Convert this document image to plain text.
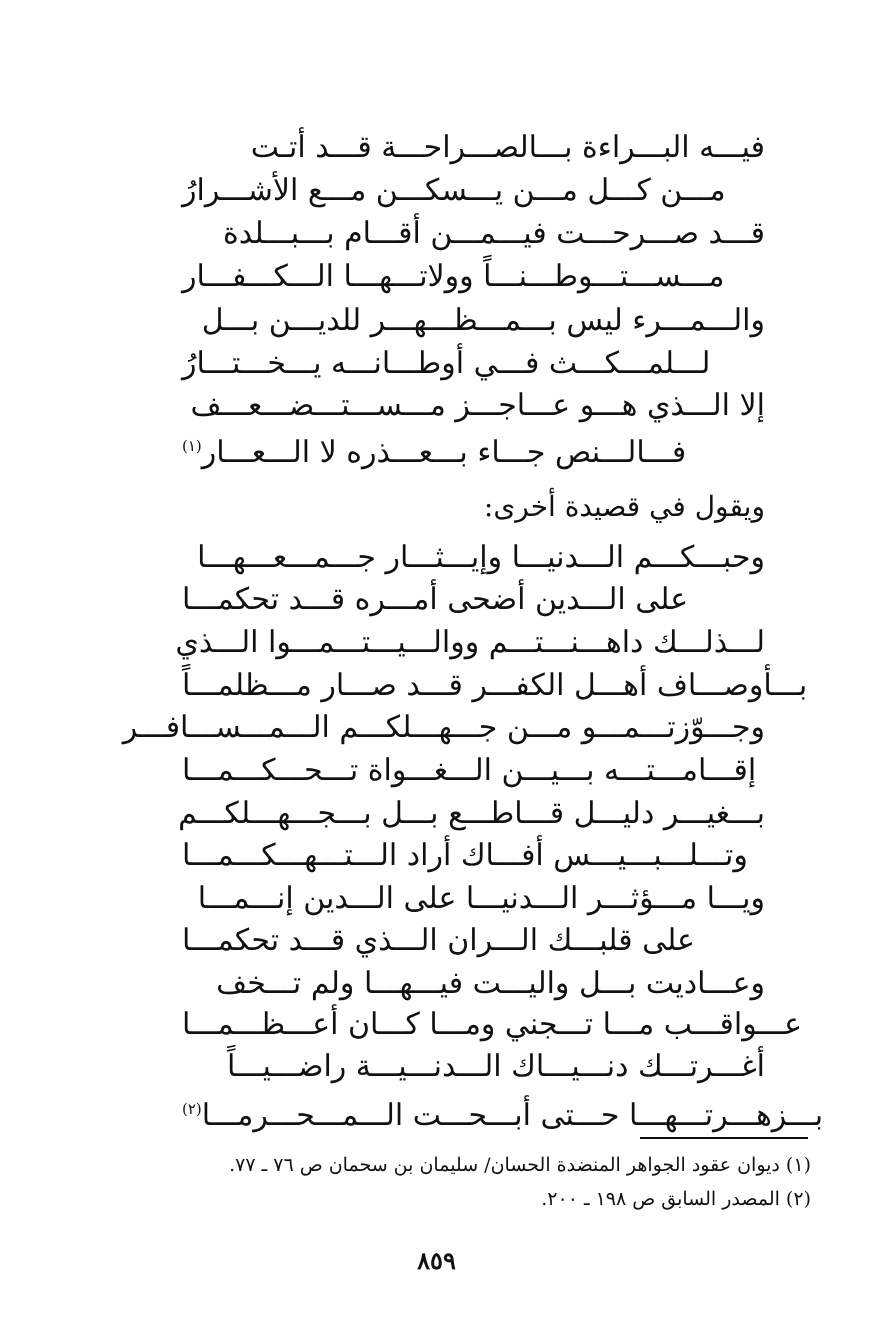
فيـــه البـــراءة بـــالصـــراحـــة قـــد أتـت
مـــن كـــل مـــن يـــسكـــن مـــع الأشـــرارُ
قـــد صـــرحـــت فيـــمـــن أقـــام بـــبـــلدة
مـــســـتـــوطـــنـــاً وولاتـــهـــا الـــكـــفـــار
والـــمـــرء ليس بـــمـــظـــهـــر للديـــن بـــل
لـــلمـــكـــث فـــي أوطـــانـــه يـــخـــتـــارُ
إلا الـــذي هـــو عـــاجـــز مـــســـتـــضـــعـــف
فـــالـــنص جـــاء بـــعـــذره لا الـــعـــار$^{(١)}$
ويقول في قصيدة أخرى:
وحبـــكـــم الـــدنيـــا وإيـــثـــار جـــمـــعـــهـــا
على الـــدين أضحى أمـــره قـــد تحكمـــا
لـــذلـــك داهـــنـــتـــم ووالـــيـــتـــمـــوا الـــذي
بـــأوصـــاف أهـــل الكفـــر قـــد صـــار مـــظلمـــاً
وجـــوّزتـــمـــو مـــن جـــهـــلكـــم الـــمـــســـافـــر
إقـــامـــتـــه بـــيـــن الـــغـــواة تـــحـــكـــمـــا
بـــغيـــر دليـــل قـــاطـــع بـــل بـــجـــهـــلكـــم
وتـــلـــبـــيـــس أفـــاك أراد الـــتـــهـــكـــمـــا
ويـــا مـــؤثـــر الـــدنيـــا على الـــدين إنـــمـــا
على قلبـــك الـــران الـــذي قـــد تحكمـــا
وعـــاديت بـــل واليـــت فيـــهـــا ولم تـــخف
عـــواقـــب مـــا تـــجني ومـــا كـــان أعـــظـــمـــا
أغـــرتـــك دنـــيـــاك الـــدنـــيـــة راضـــيـــاً
بـــزهـــرتـــهـــا حـــتى أبـــحـــت الـــمـــحـــرمـــا$^{(٢)}$
(١) ديوان عقود الجواهر المنضدة الحسان/ سليمان بن سحمان ص ٧٦ ـ ٧٧.
(٢) المصدر السابق ص ١٩٨ ـ ٢٠٠.
٨٥٩
